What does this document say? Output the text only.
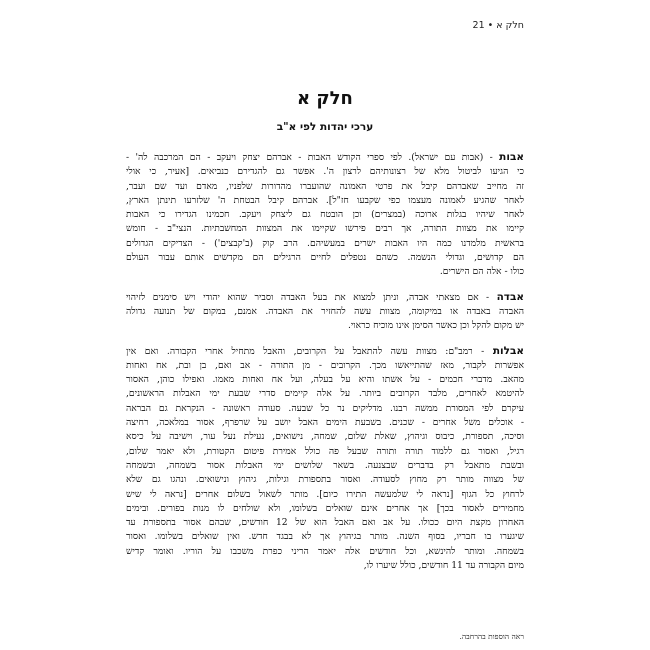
חלק א • 21
חלק א
ערכי יהדות לפי א"ב
אבות - (אבות עם ישראל). לפי ספרי הקודש האבות - אברהם יצחק ויעקב - הם המרכבה לה' -
כי הגיעו לביטול מלא של רצונותיהם לרצון ה'. אפשר גם להגדירם כנביאים. [אעיר, כי אולי
זה מחייב שאברהם קיבל את פרטי האמונה שהועברו מהדורות שלפניו, מאדם ועד שם ועבר,
לאחר שהגיע לאמונה מעצמו כפי שקבעו חז"ל]. אברהם קיבל הבטחת ה' שלזרעו תינתן הארץ,
לאחר שיהיו בגלות ארוכה (במצרים) וכן הובטח גם ליצחק ויעקב. חכמינו הגדירו כי האבות
קיימו את מצוות התורה, אך רבים פירשו שקיימו את המצוות המחשבתיות. הנצי"ב - חומש
בראשית מלמדנו כמה היו האבות ישרים במעשיהם. הרב קוק (ב'קבצים') - הצדיקים הגדולים
הם קדושים, וגדולי הנשמה. כשהם נטפלים לחיים הרגילים הם מקדשים אותם עבור העולם
כולו - אלה הם הישרים.
אבדה - אם מצאתי אבדה, וניתן למצוא את בעל האבדה וסביר שהוא יהודי ויש סימנים לזיהוי
האבדה באבדה או במיקומה, מצוות עשה להחזיר את האבדה. אמנם, במקום של תנועה גדולה
יש מקום להקל וכן כאשר הסימן אינו מוכיח כראוי.
אבלות - רמב"ם: מצוות עשה להתאבל על הקרובים, והאבל מתחיל אחרי הקבורה. ואם אין
אפשרות לקבור, מאז שהתייאשו מכך. הקרובים - מן התורה - אב ואם, בן ובת, אח ואחות
מהאב. מדברי חכמים - על אשתו והיא על בעלה, ועל אח ואחות מאמו. ואפילו כוהן, האסור
להיטמא לאחרים, מלבד הקרובים ביותר. על אלה קיימים סדרי שבעת ימי האבלות הראשונים,
עיקרם לפי המסורת ממשה רבנו. מדליקים נר כל שבעה. סעודה ראשונה - הנקראת גם הבראה
- אוכלים משל אחרים - שכנים. בשבעת הימים האבל יושב על שרפרף, אסור במלאכה, רחיצה
וסיכה, תספורת, כיבוס וגיהוץ, שאלת שלום, שמחה, נישואים, נעילת נעל עור, וישיבה על כיסא
רגיל, ואסור גם ללמוד תורה ותורה שבעל פה כולל אמירת פיטום הקטורת, ולא יאמר שלום,
ובשבת מתאבל רק בדברים שבצנעה. בשאר שלושים ימי האבלות אסור בשמחה, ובשמחה
של מצווה מותר רק מחוץ לסעודה. ואסור בתספורת וגילות, גיהוץ ונישואים. ונהגו גם שלא
לרחוץ כל הגוף [נראה לי שלמעשה התירו כיום]. מותר לשאול בשלום אחרים [נראה לי שיש
מחמירים לאסור בכך] אך אחרים אינם שואלים בשלומו, ולא שולחים לו מנות בפורים. ובימים
האחרון מקצת היום ככולו. על אב ואם האבל הוא של 12 חודשים, שבהם אסור בתספורת עד
שיגערו בו חבריו, בסוף השנה. מותר בגיהוץ אך לא בבגד חדש. ואין שואלים בשלומו. ואסור
בשמחה. ומותר להינשא, וכל חודשים אלה יאמר הריני כפרת משכבו על הוריו. ואומר קדיש
מיום הקבורה עד 11 חודשים, כולל שיערו לו,
ראה הוספות בהרחבה.
